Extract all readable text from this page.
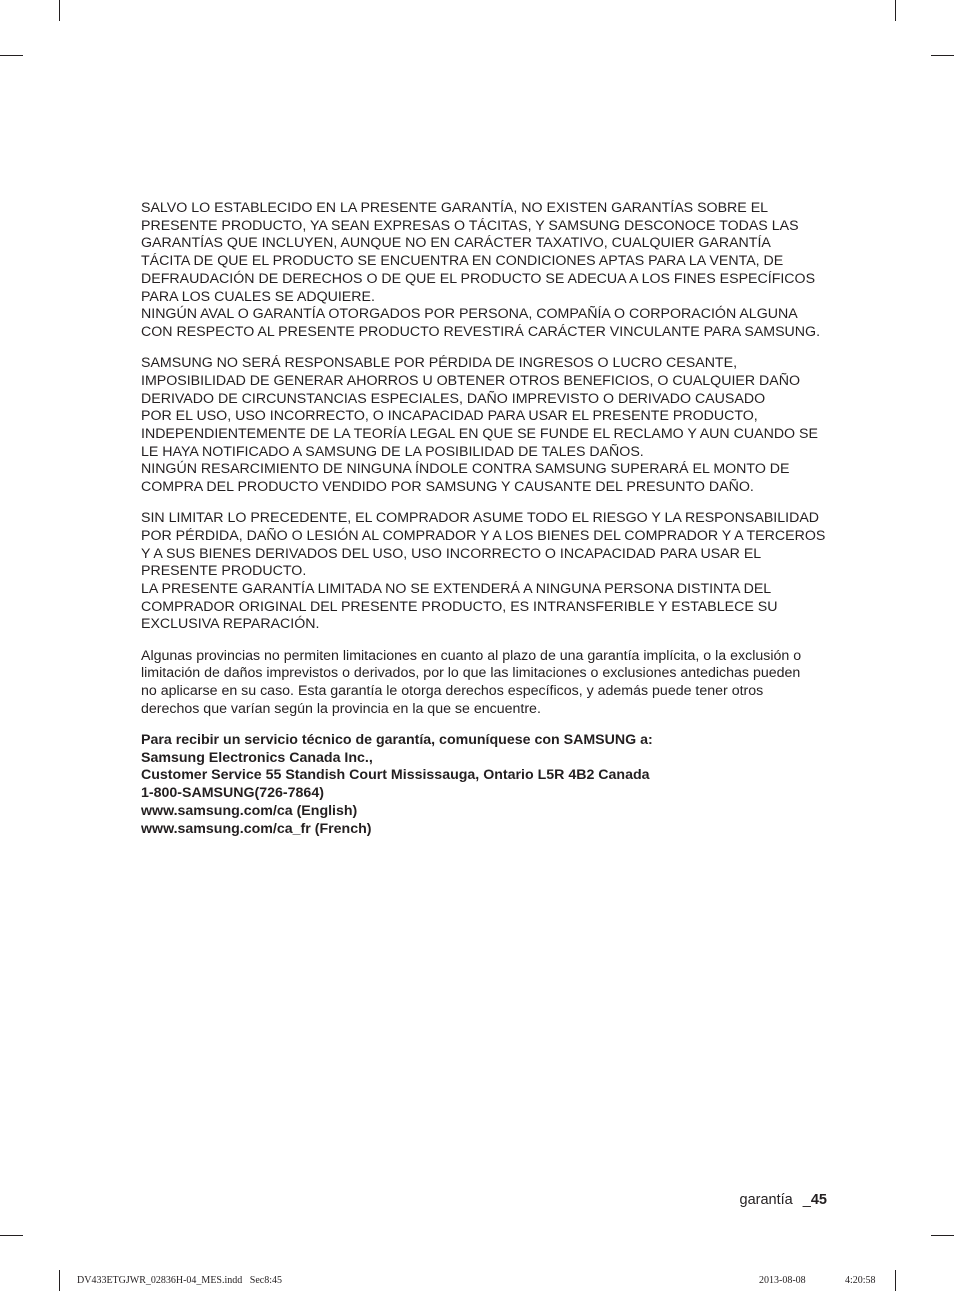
SALVO LO ESTABLECIDO EN LA PRESENTE GARANTÍA, NO EXISTEN GARANTÍAS SOBRE EL
PRESENTE PRODUCTO, YA SEAN EXPRESAS O TÁCITAS, Y SAMSUNG DESCONOCE TODAS LAS
GARANTÍAS QUE INCLUYEN, AUNQUE NO EN CARÁCTER TAXATIVO, CUALQUIER GARANTÍA
TÁCITA DE QUE EL PRODUCTO SE ENCUENTRA EN CONDICIONES APTAS PARA LA VENTA, DE
DEFRAUDACIÓN DE DERECHOS O DE QUE EL PRODUCTO SE ADECUA A LOS FINES ESPECÍFICOS
PARA LOS CUALES SE ADQUIERE.
NINGÚN AVAL O GARANTÍA OTORGADOS POR PERSONA, COMPAÑÍA O CORPORACIÓN ALGUNA
CON RESPECTO AL PRESENTE PRODUCTO REVESTIRÁ CARÁCTER VINCULANTE PARA SAMSUNG.

SAMSUNG NO SERÁ RESPONSABLE POR PÉRDIDA DE INGRESOS O LUCRO CESANTE,
IMPOSIBILIDAD DE GENERAR AHORROS U OBTENER OTROS BENEFICIOS, O CUALQUIER DAÑO
DERIVADO DE CIRCUNSTANCIAS ESPECIALES, DAÑO IMPREVISTO O DERIVADO CAUSADO
POR EL USO, USO INCORRECTO, O INCAPACIDAD PARA USAR EL PRESENTE PRODUCTO,
INDEPENDIENTEMENTE DE LA TEORÍA LEGAL EN QUE SE FUNDE EL RECLAMO Y AUN CUANDO SE
LE HAYA NOTIFICADO A SAMSUNG DE LA POSIBILIDAD DE TALES DAÑOS.
NINGÚN RESARCIMIENTO DE NINGUNA ÍNDOLE CONTRA SAMSUNG SUPERARÁ EL MONTO DE
COMPRA DEL PRODUCTO VENDIDO POR SAMSUNG Y CAUSANTE DEL PRESUNTO DAÑO.

SIN LIMITAR LO PRECEDENTE, EL COMPRADOR ASUME TODO EL RIESGO Y LA RESPONSABILIDAD
POR PÉRDIDA, DAÑO O LESIÓN AL COMPRADOR Y A LOS BIENES DEL COMPRADOR Y A TERCEROS
Y A SUS BIENES DERIVADOS DEL USO, USO INCORRECTO O INCAPACIDAD PARA USAR EL
PRESENTE PRODUCTO.
LA PRESENTE GARANTÍA LIMITADA NO SE EXTENDERÁ A NINGUNA PERSONA DISTINTA DEL
COMPRADOR ORIGINAL DEL PRESENTE PRODUCTO, ES INTRANSFERIBLE Y ESTABLECE SU
EXCLUSIVA REPARACIÓN.

Algunas provincias no permiten limitaciones en cuanto al plazo de una garantía implícita, o la exclusión o
limitación de daños imprevistos o derivados, por lo que las limitaciones o exclusiones antedichas pueden
no aplicarse en su caso. Esta garantía le otorga derechos específicos, y además puede tener otros
derechos que varían según la provincia en la que se encuentre.

Para recibir un servicio técnico de garantía, comuníquese con SAMSUNG a:
Samsung Electronics Canada Inc.,
Customer Service 55 Standish Court Mississauga, Ontario L5R 4B2 Canada
1-800-SAMSUNG(726-7864)
www.samsung.com/ca (English)
www.samsung.com/ca_fr (French)

garantía _45
DV433ETGJWR_02836H-04_MES.indd   Sec8:45	2013-08-08	4:20:58
